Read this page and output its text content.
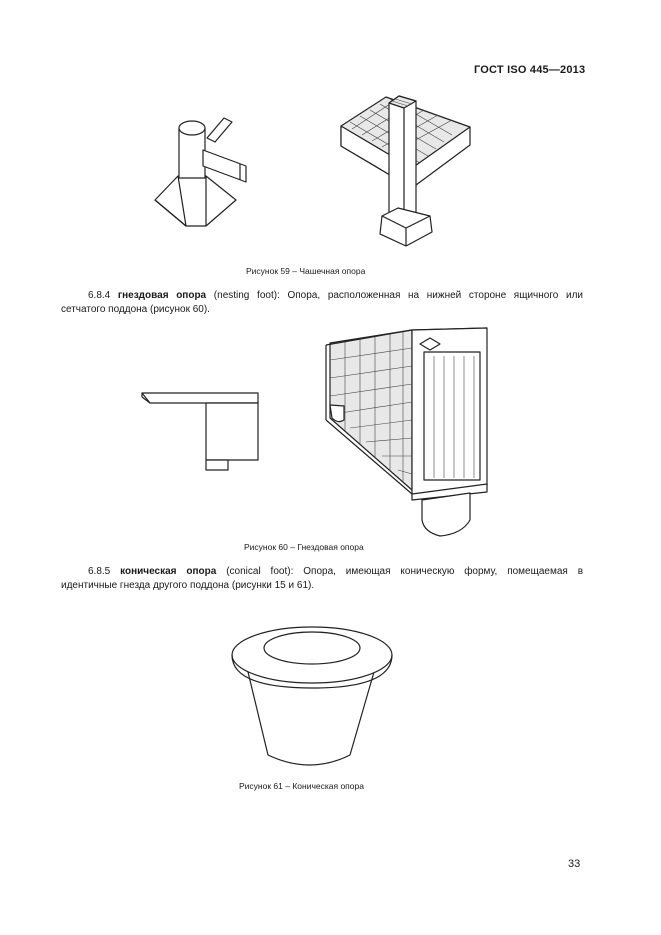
ГОСТ ISO 445—2013
Рисунок 59 – Чашечная опора
6.8.4 гнездовая опора (nesting foot): Опора, расположенная на нижней стороне ящичного или
сетчатого поддона (рисунок 60).
Рисунок 60 – Гнездовая опора
6.8.5 коническая опора (conical foot): Опора, имеющая коническую форму, помещаемая в
идентичные гнезда другого поддона (рисунки 15 и 61).
Рисунок 61 – Коническая опора
33
